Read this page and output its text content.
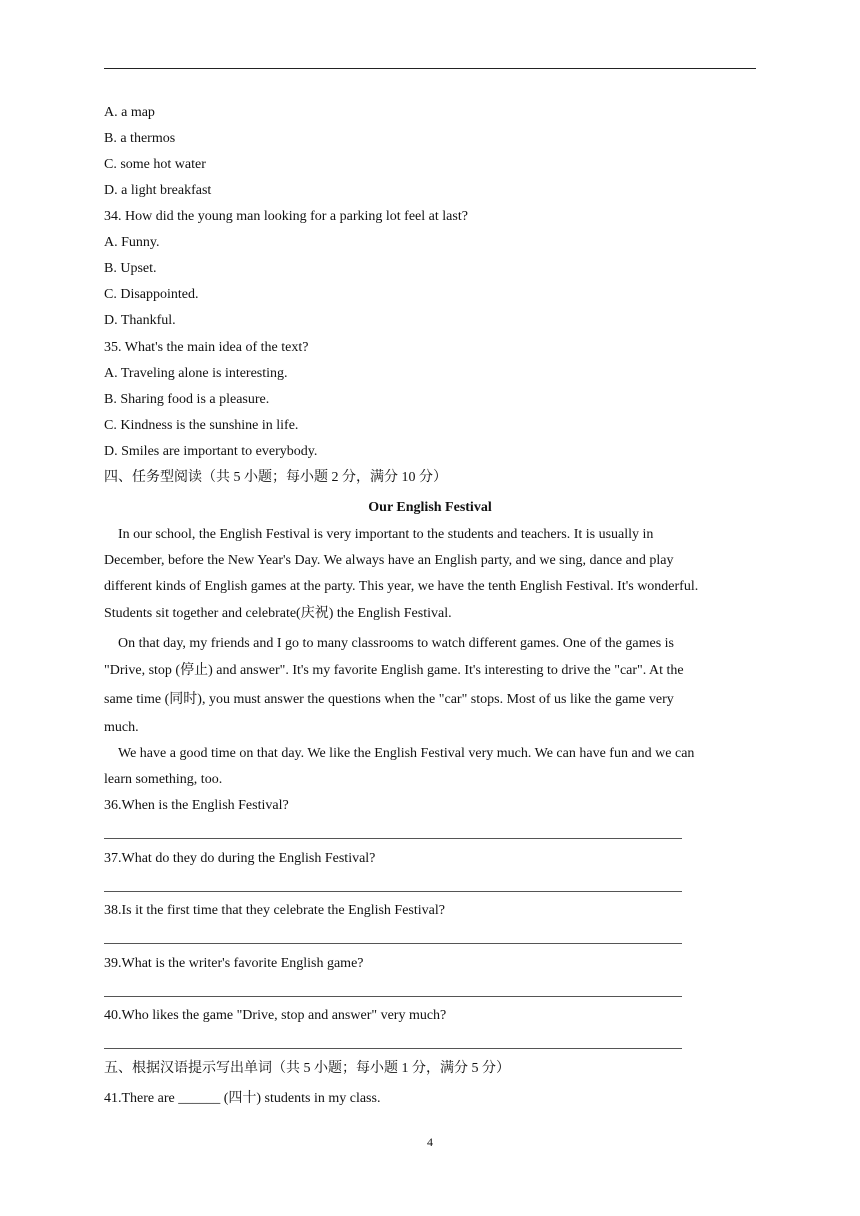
A. a map
B. a thermos
C. some hot water
D. a light breakfast
34. How did the young man looking for a parking lot feel at last?
A. Funny.
B. Upset.
C. Disappointed.
D. Thankful.
35. What's the main idea of the text?
A. Traveling alone is interesting.
B. Sharing food is a pleasure.
C. Kindness is the sunshine in life.
D. Smiles are important to everybody.
四、任务型阅读（共 5 小题；每小题 2 分，满分 10 分）
Our English Festival
In our school, the English Festival is very important to the students and teachers. It is usually in
December, before the New Year's Day. We always have an English party, and we sing, dance and play
different kinds of English games at the party. This year, we have the tenth English Festival. It's wonderful.
Students sit together and celebrate(庆祝) the English Festival.
On that day, my friends and I go to many classrooms to watch different games. One of the games is
"Drive, stop (停止) and answer". It's my favorite English game. It's interesting to drive the "car". At the
same time (同时), you must answer the questions when the "car" stops. Most of us like the game very
much.
We have a good time on that day. We like the English Festival very much. We can have fun and we can
learn something, too.
36.When is the English Festival?
37.What do they do during the English Festival?
38.Is it the first time that they celebrate the English Festival?
39.What is the writer's favorite English game?
40.Who likes the game "Drive, stop and answer" very much?
五、根据汉语提示写出单词（共 5 小题；每小题 1 分，满分 5 分）
41.There are ______ (四十) students in my class.
4
